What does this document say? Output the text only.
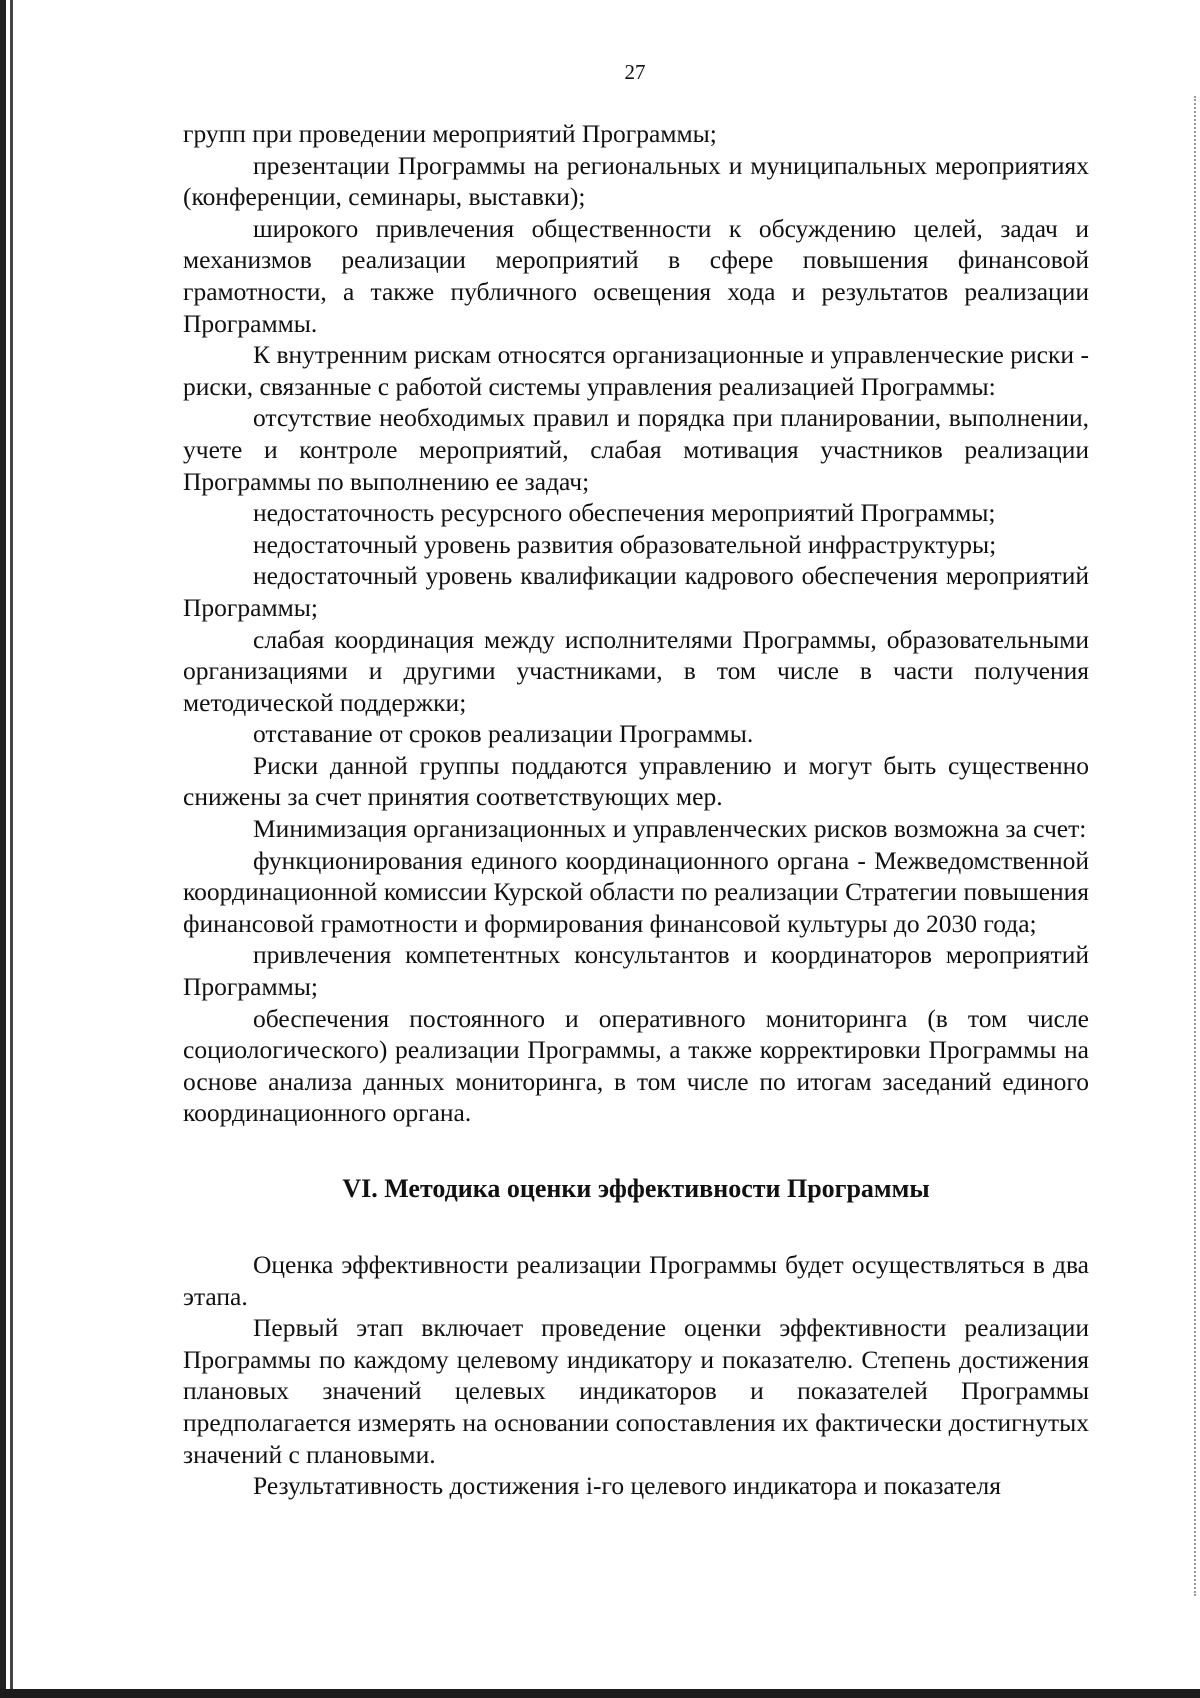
27

групп при проведении мероприятий Программы;

презентации Программы на региональных и муниципальных мероприятиях (конференции, семинары, выставки);

широкого привлечения общественности к обсуждению целей, задач и механизмов реализации мероприятий в сфере повышения финансовой грамотности, а также публичного освещения хода и результатов реализации Программы.

К внутренним рискам относятся организационные и управленческие риски - риски, связанные с работой системы управления реализацией Программы:

отсутствие необходимых правил и порядка при планировании, выполнении, учете и контроле мероприятий, слабая мотивация участников реализации Программы по выполнению ее задач;

недостаточность ресурсного обеспечения мероприятий Программы;

недостаточный уровень развития образовательной инфраструктуры;

недостаточный уровень квалификации кадрового обеспечения мероприятий Программы;

слабая координация между исполнителями Программы, образовательными организациями и другими участниками, в том числе в части получения методической поддержки;

отставание от сроков реализации Программы.

Риски данной группы поддаются управлению и могут быть существенно снижены за счет принятия соответствующих мер.

Минимизация организационных и управленческих рисков возможна за счет:

функционирования единого координационного органа - Межведомственной координационной комиссии Курской области по реализации Стратегии повышения финансовой грамотности и формирования финансовой культуры до 2030 года;

привлечения компетентных консультантов и координаторов мероприятий Программы;

обеспечения постоянного и оперативного мониторинга (в том числе социологического) реализации Программы, а также корректировки Программы на основе анализа данных мониторинга, в том числе по итогам заседаний единого координационного органа.

VI. Методика оценки эффективности Программы

Оценка эффективности реализации Программы будет осуществляться в два этапа.

Первый этап включает проведение оценки эффективности реализации Программы по каждому целевому индикатору и показателю. Степень достижения плановых значений целевых индикаторов и показателей Программы предполагается измерять на основании сопоставления их фактически достигнутых значений с плановыми.

Результативность достижения i-го целевого индикатора и показателя
